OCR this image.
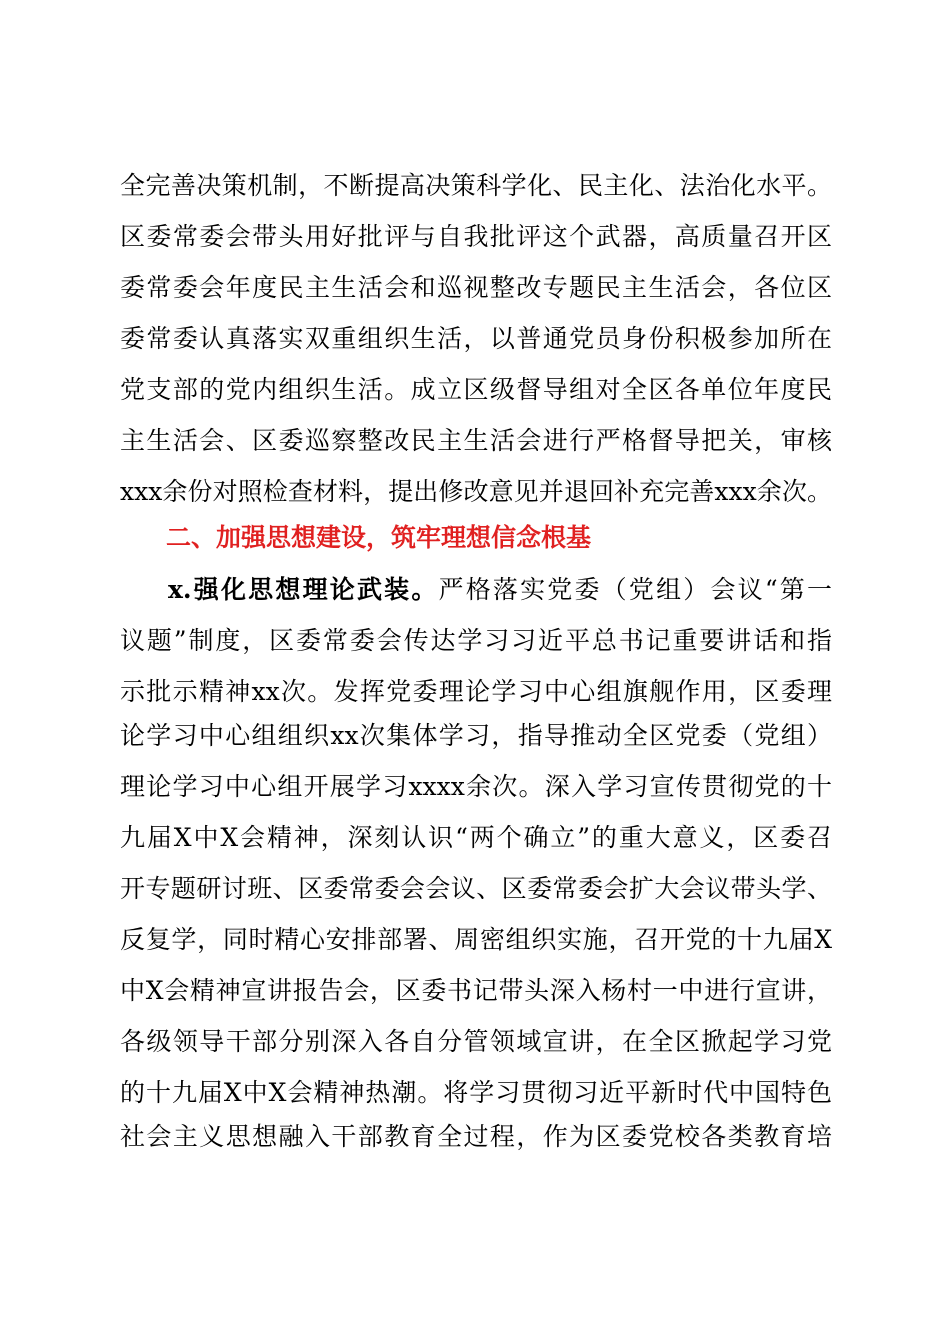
全完善决策机制，不断提高决策科学化、民主化、法治化水平。
区委常委会带头用好批评与自我批评这个武器，高质量召开区
委常委会年度民主生活会和巡视整改专题民主生活会，各位区
委常委认真落实双重组织生活，以普通党员身份积极参加所在
党支部的党内组织生活。成立区级督导组对全区各单位年度民
主生活会、区委巡察整改民主生活会进行严格督导把关，审核
xxx余份对照检查材料，提出修改意见并退回补充完善xxx余次。
二、加强思想建设，筑牢理想信念根基
x.强化思想理论武装。严格落实党委（党组）会议“第一
议题”制度，区委常委会传达学习习近平总书记重要讲话和指
示批示精神xx次。发挥党委理论学习中心组旗舰作用，区委理
论学习中心组组织xx次集体学习，指导推动全区党委（党组）
理论学习中心组开展学习xxxx余次。深入学习宣传贯彻党的十
九届X中X会精神，深刻认识“两个确立”的重大意义，区委召
开专题研讨班、区委常委会会议、区委常委会扩大会议带头学、
反复学，同时精心安排部署、周密组织实施，召开党的十九届X
中X会精神宣讲报告会，区委书记带头深入杨村一中进行宣讲，
各级领导干部分别深入各自分管领域宣讲，在全区掀起学习党
的十九届X中X会精神热潮。将学习贯彻习近平新时代中国特色
社会主义思想融入干部教育全过程，作为区委党校各类教育培
